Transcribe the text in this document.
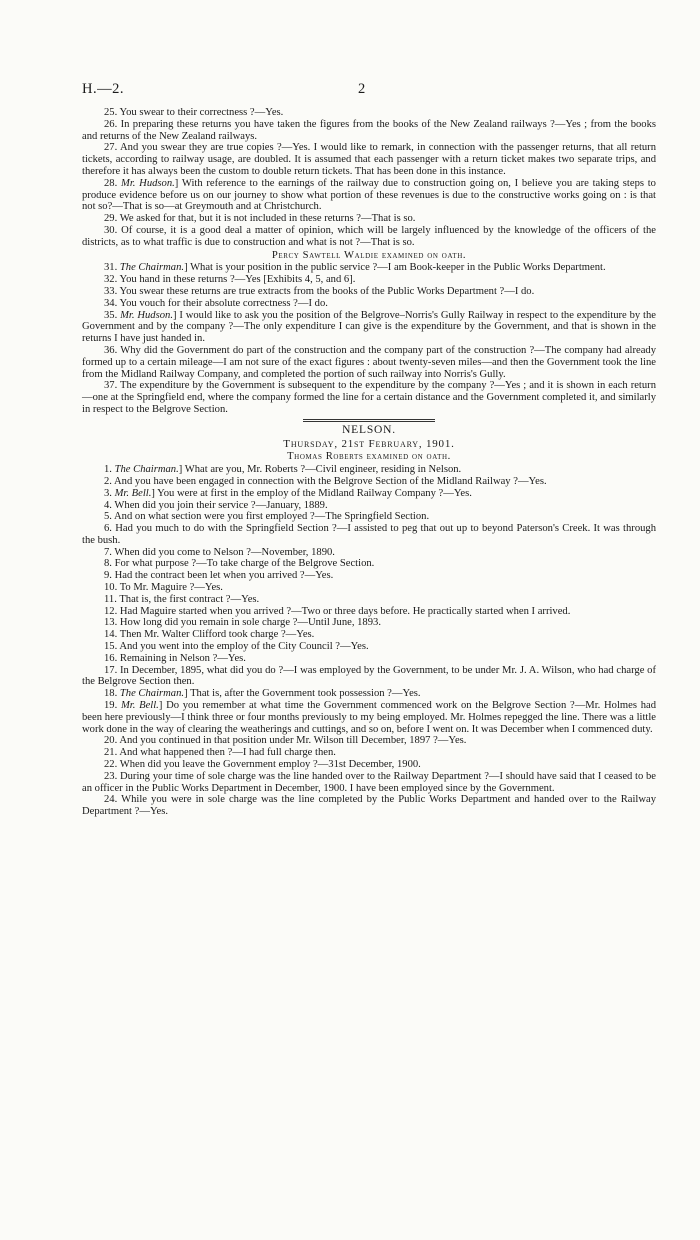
H.—2.	2

25. You swear to their correctness ?—Yes.

26. In preparing these returns you have taken the figures from the books of the New Zealand railways ?—Yes ; from the books and returns of the New Zealand railways.

27. And you swear they are true copies ?—Yes. I would like to remark, in connection with the passenger returns, that all return tickets, according to railway usage, are doubled. It is assumed that each passenger with a return ticket makes two separate trips, and therefore it has always been the custom to double return tickets. That has been done in this instance.

28. Mr. Hudson.] With reference to the earnings of the railway due to construction going on, I believe you are taking steps to produce evidence before us on our journey to show what portion of these revenues is due to the constructive works going on : is that not so?—That is so—at Greymouth and at Christchurch.

29. We asked for that, but it is not included in these returns ?—That is so.

30. Of course, it is a good deal a matter of opinion, which will be largely influenced by the knowledge of the officers of the districts, as to what traffic is due to construction and what is not ?—That is so.

Percy Sawtell Waldie examined on oath.

31. The Chairman.] What is your position in the public service ?—I am Book-keeper in the Public Works Department.

32. You hand in these returns ?—Yes [Exhibits 4, 5, and 6].

33. You swear these returns are true extracts from the books of the Public Works Department ?—I do.

34. You vouch for their absolute correctness ?—I do.

35. Mr. Hudson.] I would like to ask you the position of the Belgrove–Norris's Gully Railway in respect to the expenditure by the Government and by the company ?—The only expenditure I can give is the expenditure by the Government, and that is shown in the returns I have just handed in.

36. Why did the Government do part of the construction and the company part of the construction ?—The company had already formed up to a certain mileage—I am not sure of the exact figures : about twenty-seven miles—and then the Government took the line from the Midland Railway Company, and completed the portion of such railway into Norris's Gully.

37. The expenditure by the Government is subsequent to the expenditure by the company ?—Yes ; and it is shown in each return—one at the Springfield end, where the company formed the line for a certain distance and the Government completed it, and similarly in respect to the Belgrove Section.

NELSON.
Thursday, 21st February, 1901.
Thomas Roberts examined on oath.

1. The Chairman.] What are you, Mr. Roberts ?—Civil engineer, residing in Nelson.

2. And you have been engaged in connection with the Belgrove Section of the Midland Railway ?—Yes.

3. Mr. Bell.] You were at first in the employ of the Midland Railway Company ?—Yes.

4. When did you join their service ?—January, 1889.

5. And on what section were you first employed ?—The Springfield Section.

6. Had you much to do with the Springfield Section ?—I assisted to peg that out up to beyond Paterson's Creek. It was through the bush.

7. When did you come to Nelson ?—November, 1890.

8. For what purpose ?—To take charge of the Belgrove Section.

9. Had the contract been let when you arrived ?—Yes.

10. To Mr. Maguire ?—Yes.

11. That is, the first contract ?—Yes.

12. Had Maguire started when you arrived ?—Two or three days before. He practically started when I arrived.

13. How long did you remain in sole charge ?—Until June, 1893.

14. Then Mr. Walter Clifford took charge ?—Yes.

15. And you went into the employ of the City Council ?—Yes.

16. Remaining in Nelson ?—Yes.

17. In December, 1895, what did you do ?—I was employed by the Government, to be under Mr. J. A. Wilson, who had charge of the Belgrove Section then.

18. The Chairman.] That is, after the Government took possession ?—Yes.

19. Mr. Bell.] Do you remember at what time the Government commenced work on the Belgrove Section ?—Mr. Holmes had been here previously—I think three or four months previously to my being employed. Mr. Holmes repegged the line. There was a little work done in the way of clearing the weatherings and cuttings, and so on, before I went on. It was December when I commenced duty.

20. And you continued in that position under Mr. Wilson till December, 1897 ?—Yes.

21. And what happened then ?—I had full charge then.

22. When did you leave the Government employ ?—31st December, 1900.

23. During your time of sole charge was the line handed over to the Railway Department ?—I should have said that I ceased to be an officer in the Public Works Department in December, 1900. I have been employed since by the Government.

24. While you were in sole charge was the line completed by the Public Works Department and handed over to the Railway Department ?—Yes.
